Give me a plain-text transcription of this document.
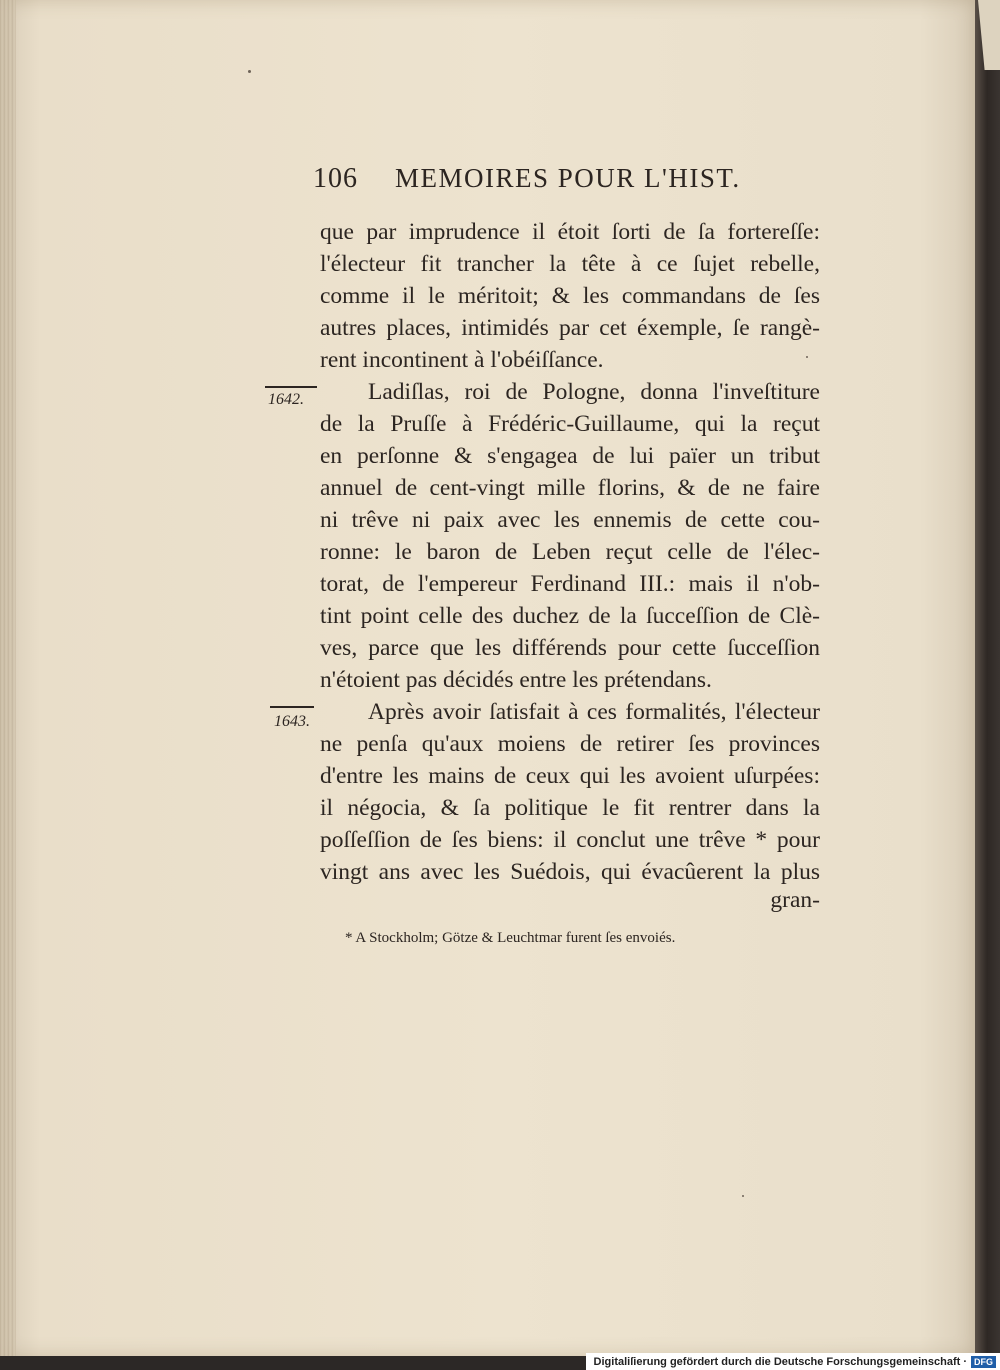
106 MEMOIRES POUR L'HIST.
que par imprudence il étoit ſorti de ſa fortereſſe:
l'électeur fit trancher la tête à ce ſujet rebelle,
comme il le méritoit; & les commandans de ſes
autres places, intimidés par cet éxemple, ſe rangè-
rent incontinent à l'obéiſſance.
1642.	Ladiſlas, roi de Pologne, donna l'inveſtiture
de la Pruſſe à Frédéric-Guillaume, qui la reçut
en perſonne & s'engagea de lui païer un tribut
annuel de cent-vingt mille florins, & de ne faire
ni trêve ni paix avec les ennemis de cette cou-
ronne: le baron de Leben reçut celle de l'élec-
torat, de l'empereur Ferdinand III.: mais il n'ob-
tint point celle des duchez de la ſucceſſion de Clè-
ves, parce que les différends pour cette ſucceſſion
n'étoient pas décidés entre les prétendans.
1643. Après avoir ſatisfait à ces formalités, l'électeur
ne penſa qu'aux moiens de retirer ſes provinces
d'entre les mains de ceux qui les avoient uſurpées:
il négocia, & ſa politique le fit rentrer dans la
poſſeſſion de ſes biens: il conclut une trêve * pour
vingt ans avec les Suédois, qui évacûerent la plus
gran-
* A Stockholm; Götze & Leuchtmar furent ſes envoiés.
Digitaliſierung gefördert durch die Deutsche Forschungsgemeinschaft · DFG
